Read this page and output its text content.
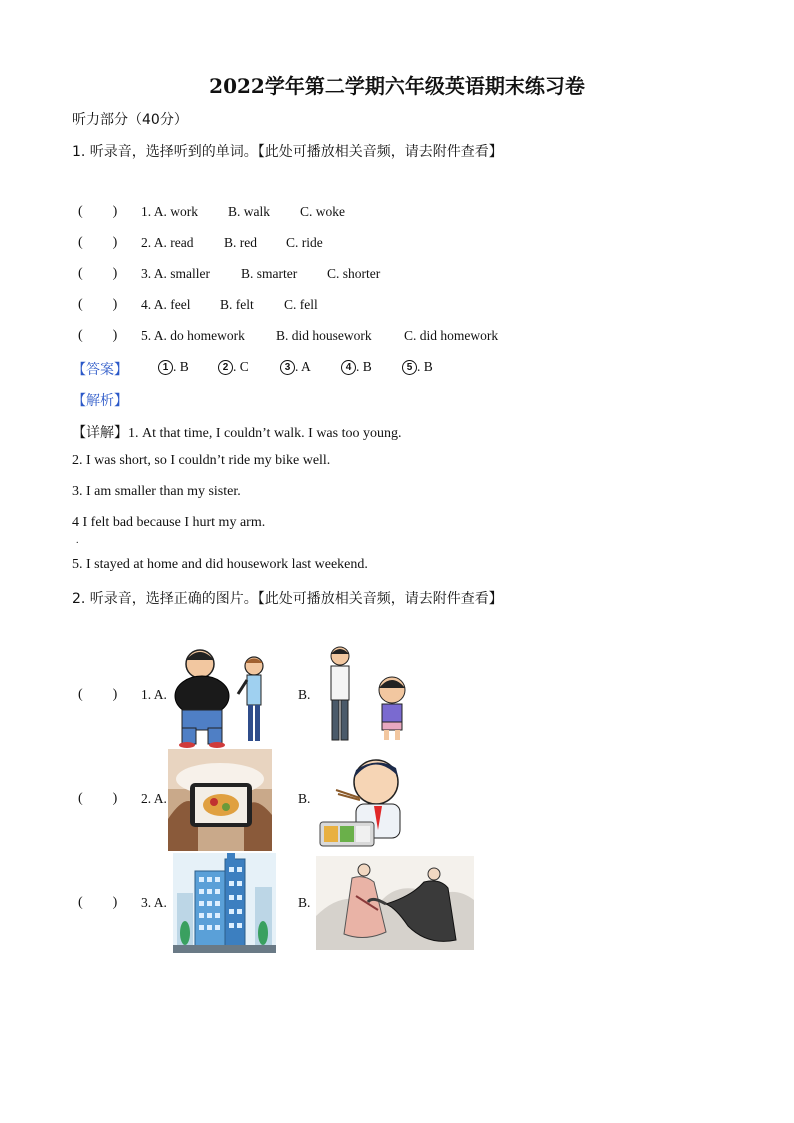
2022学年第二学期六年级英语期末练习卷
听力部分（40分）
1. 听录音，选择听到的单词。【此处可播放相关音频，请去附件查看】
( ) 1. A. work B. walk C. woke
( ) 2. A. read B. red C. ride
( ) 3. A. smaller B. smarter C. shorter
( ) 4. A. feel B. felt C. fell
( ) 5. A. do homework B. did housework C. did homework
【答案】	1 . B	2 . C	3 . A	4 . B	5 . B
【解析】
【详解】1. At that time, I couldn’t walk. I was too young.
2. I was short, so I couldn’t ride my bike well.
3. I am smaller than my sister.
4 I felt bad because I hurt my arm.
.
5. I stayed at home and did housework last weekend.
2. 听录音，选择正确的图片。【此处可播放相关音频，请去附件查看】
( ) 1. A.	B.
( ) 2. A.	B.
( ) 3. A.	B.
